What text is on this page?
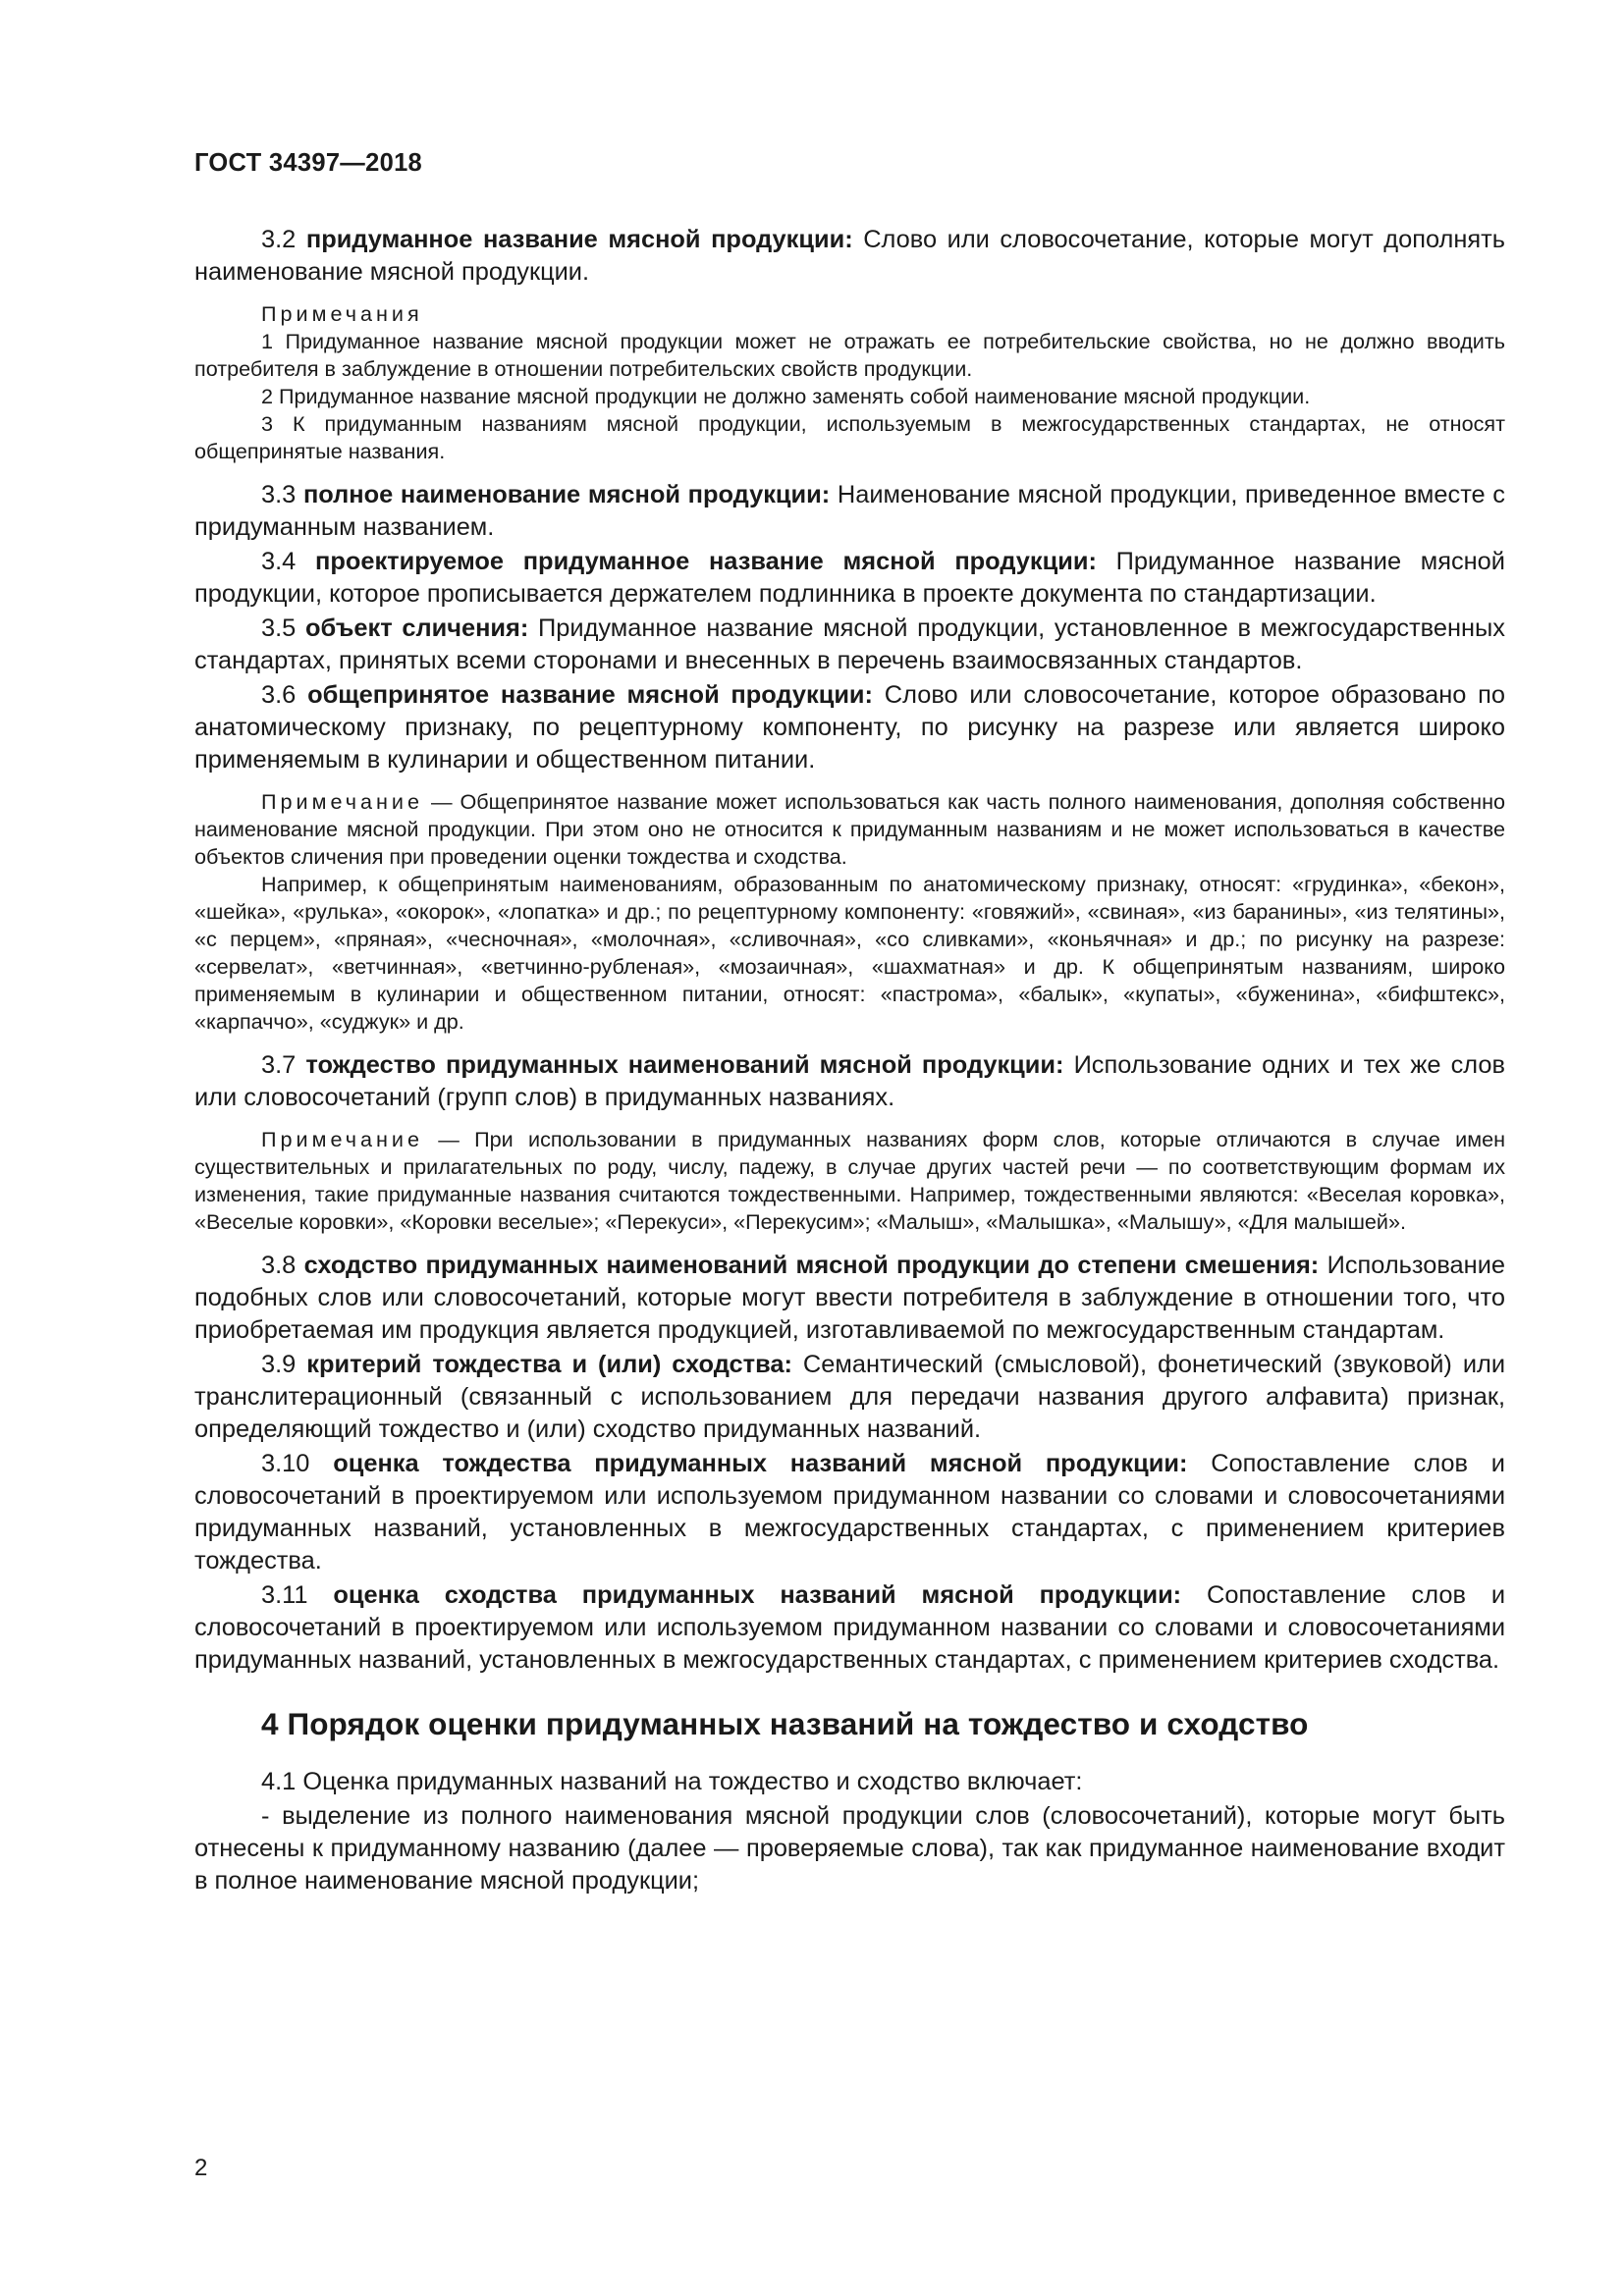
ГОСТ 34397—2018

3.2 придуманное название мясной продукции: Слово или словосочетание, которые могут дополнять наименование мясной продукции.

Примечания

1 Придуманное название мясной продукции может не отражать ее потребительские свойства, но не должно вводить потребителя в заблуждение в отношении потребительских свойств продукции.

2 Придуманное название мясной продукции не должно заменять собой наименование мясной продукции.

3 К придуманным названиям мясной продукции, используемым в межгосударственных стандартах, не относят общепринятые названия.

3.3 полное наименование мясной продукции: Наименование мясной продукции, приведенное вместе с придуманным названием.

3.4 проектируемое придуманное название мясной продукции: Придуманное название мясной продукции, которое прописывается держателем подлинника в проекте документа по стандартизации.

3.5 объект сличения: Придуманное название мясной продукции, установленное в межгосударственных стандартах, принятых всеми сторонами и внесенных в перечень взаимосвязанных стандартов.

3.6 общепринятое название мясной продукции: Слово или словосочетание, которое образовано по анатомическому признаку, по рецептурному компоненту, по рисунку на разрезе или является широко применяемым в кулинарии и общественном питании.

Примечание — Общепринятое название может использоваться как часть полного наименования, дополняя собственно наименование мясной продукции. При этом оно не относится к придуманным названиям и не может использоваться в качестве объектов сличения при проведении оценки тождества и сходства.

Например, к общепринятым наименованиям, образованным по анатомическому признаку, относят: «грудинка», «бекон», «шейка», «рулька», «окорок», «лопатка» и др.; по рецептурному компоненту: «говяжий», «свиная», «из баранины», «из телятины», «с перцем», «пряная», «чесночная», «молочная», «сливочная», «со сливками», «коньячная» и др.; по рисунку на разрезе: «сервелат», «ветчинная», «ветчинно-рубленая», «мозаичная», «шахматная» и др. К общепринятым названиям, широко применяемым в кулинарии и общественном питании, относят: «пастрома», «балык», «купаты», «буженина», «бифштекс», «карпаччо», «суджук» и др.

3.7 тождество придуманных наименований мясной продукции: Использование одних и тех же слов или словосочетаний (групп слов) в придуманных названиях.

Примечание — При использовании в придуманных названиях форм слов, которые отличаются в случае имен существительных и прилагательных по роду, числу, падежу, в случае других частей речи — по соответствующим формам их изменения, такие придуманные названия считаются тождественными. Например, тождественными являются: «Веселая коровка», «Веселые коровки», «Коровки веселые»; «Перекуси», «Перекусим»; «Малыш», «Малышка», «Малышу», «Для малышей».

3.8 сходство придуманных наименований мясной продукции до степени смешения: Использование подобных слов или словосочетаний, которые могут ввести потребителя в заблуждение в отношении того, что приобретаемая им продукция является продукцией, изготавливаемой по межгосударственным стандартам.

3.9 критерий тождества и (или) сходства: Семантический (смысловой), фонетический (звуковой) или транслитерационный (связанный с использованием для передачи названия другого алфавита) признак, определяющий тождество и (или) сходство придуманных названий.

3.10 оценка тождества придуманных названий мясной продукции: Сопоставление слов и словосочетаний в проектируемом или используемом придуманном названии со словами и словосочетаниями придуманных названий, установленных в межгосударственных стандартах, с применением критериев тождества.

3.11 оценка сходства придуманных названий мясной продукции: Сопоставление слов и словосочетаний в проектируемом или используемом придуманном названии со словами и словосочетаниями придуманных названий, установленных в межгосударственных стандартах, с применением критериев сходства.

4 Порядок оценки придуманных названий на тождество и сходство

4.1 Оценка придуманных названий на тождество и сходство включает:

- выделение из полного наименования мясной продукции слов (словосочетаний), которые могут быть отнесены к придуманному названию (далее — проверяемые слова), так как придуманное наименование входит в полное наименование мясной продукции;

2
